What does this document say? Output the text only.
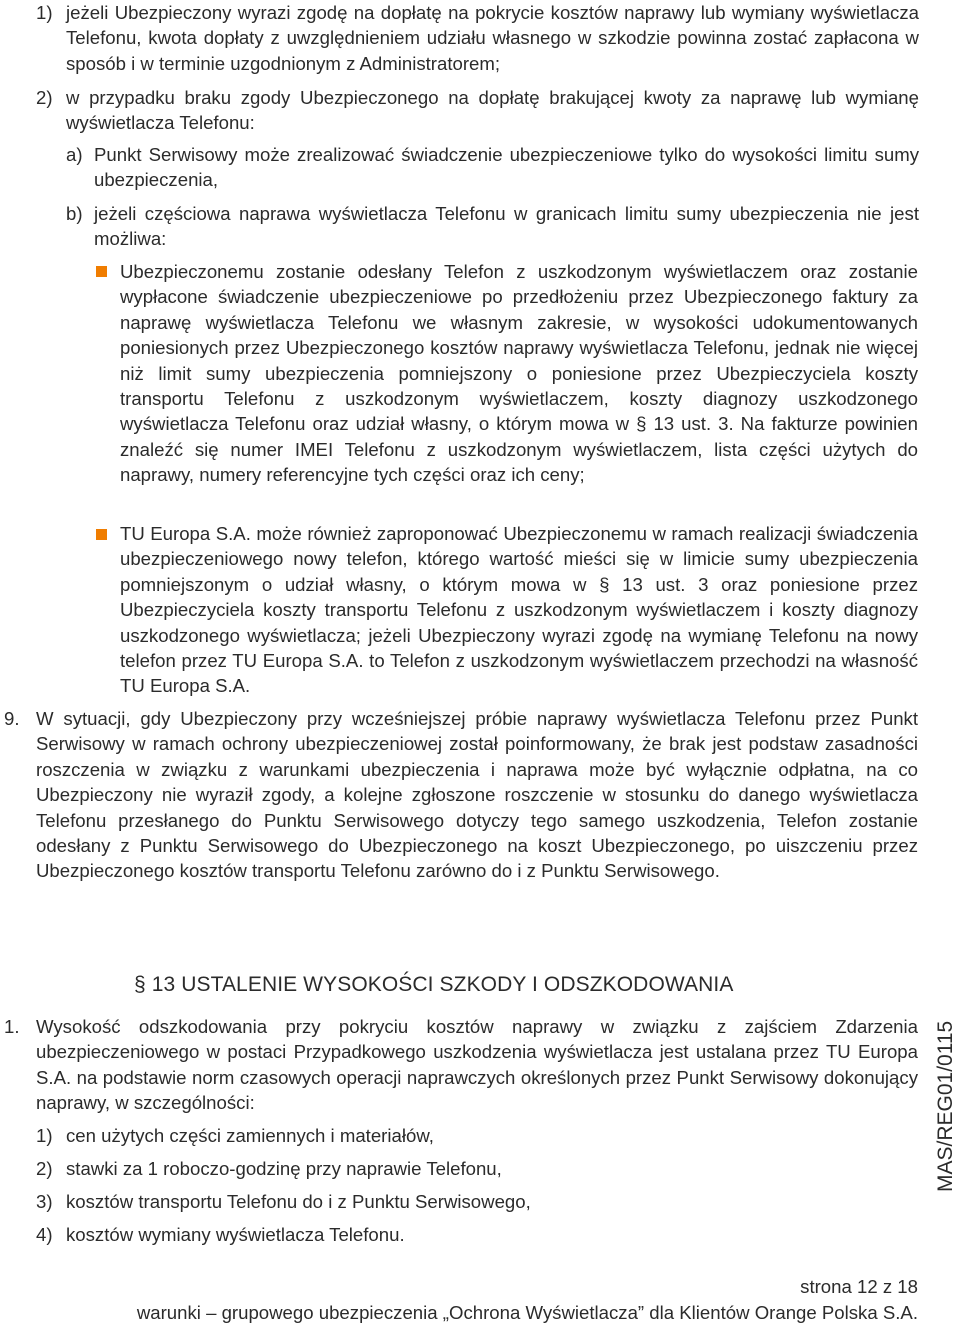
1) jeżeli Ubezpieczony wyrazi zgodę na dopłatę na pokrycie kosztów naprawy lub wymiany wyświetlacza Telefonu, kwota dopłaty z uwzględnieniem udziału własnego w szkodzie powinna zostać zapłacona w sposób i w terminie uzgodnionym z Administratorem;
2) w przypadku braku zgody Ubezpieczonego na dopłatę brakującej kwoty za naprawę lub wymianę wyświetlacza Telefonu:
a) Punkt Serwisowy może zrealizować świadczenie ubezpieczeniowe tylko do wysokości limitu sumy ubezpieczenia,
b) jeżeli częściowa naprawa wyświetlacza Telefonu w granicach limitu sumy ubezpieczenia nie jest możliwa:
Ubezpieczonemu zostanie odesłany Telefon z uszkodzonym wyświetlaczem oraz zostanie wypłacone świadczenie ubezpieczeniowe po przedłożeniu przez Ubezpieczonego faktury za naprawę wyświetlacza Telefonu we własnym zakresie, w wysokości udokumentowanych poniesionych przez Ubezpieczonego kosztów naprawy wyświetlacza Telefonu, jednak nie więcej niż limit sumy ubezpieczenia pomniejszony o poniesione przez Ubezpieczyciela koszty transportu Telefonu z uszkodzonym wyświetlaczem, koszty diagnozy uszkodzonego wyświetlacza Telefonu oraz udział własny, o którym mowa w § 13 ust. 3. Na fakturze powinien znaleźć się numer IMEI Telefonu z uszkodzonym wyświetlaczem, lista części użytych do naprawy, numery referencyjne tych części oraz ich ceny;
TU Europa S.A. może również zaproponować Ubezpieczonemu w ramach realizacji świadczenia ubezpieczeniowego nowy telefon, którego wartość mieści się w limicie sumy ubezpieczenia pomniejszonym o udział własny, o którym mowa w § 13 ust. 3 oraz poniesione przez Ubezpieczyciela koszty transportu Telefonu z uszkodzonym wyświetlaczem i koszty diagnozy uszkodzonego wyświetlacza; jeżeli Ubezpieczony wyrazi zgodę na wymianę Telefonu na nowy telefon przez TU Europa S.A. to Telefon z uszkodzonym wyświetlaczem przechodzi na własność TU Europa S.A.
9. W sytuacji, gdy Ubezpieczony przy wcześniejszej próbie naprawy wyświetlacza Telefonu przez Punkt Serwisowy w ramach ochrony ubezpieczeniowej został poinformowany, że brak jest podstaw zasadności roszczenia w związku z warunkami ubezpieczenia i naprawa może być wyłącznie odpłatna, na co Ubezpieczony nie wyraził zgody, a kolejne zgłoszone roszczenie w stosunku do danego wyświetlacza Telefonu przesłanego do Punktu Serwisowego dotyczy tego samego uszkodzenia, Telefon zostanie odesłany z Punktu Serwisowego do Ubezpieczonego na koszt Ubezpieczonego, po uiszczeniu przez Ubezpieczonego kosztów transportu Telefonu zarówno do i z Punktu Serwisowego.
§ 13 USTALENIE WYSOKOŚCI SZKODY I ODSZKODOWANIA
1. Wysokość odszkodowania przy pokryciu kosztów naprawy w związku z zajściem Zdarzenia ubezpieczeniowego w postaci Przypadkowego uszkodzenia wyświetlacza jest ustalana przez TU Europa S.A. na podstawie norm czasowych operacji naprawczych określonych przez Punkt Serwisowy dokonujący naprawy, w szczególności:
1) cen użytych części zamiennych i materiałów,
2) stawki za 1 roboczo-godzinę przy naprawie Telefonu,
3) kosztów transportu Telefonu do i z Punktu Serwisowego,
4) kosztów wymiany wyświetlacza Telefonu.
MAS/REG01/0115
strona 12 z 18
warunki – grupowego ubezpieczenia „Ochrona Wyświetlacza” dla Klientów Orange Polska S.A.
